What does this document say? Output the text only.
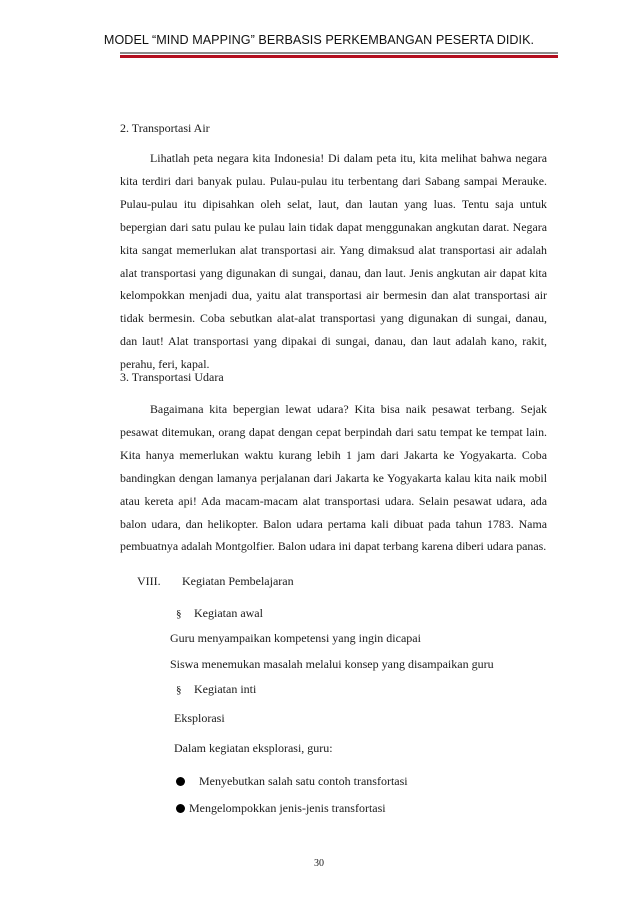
MODEL “MIND MAPPING” BERBASIS PERKEMBANGAN PESERTA DIDIK.
2. Transportasi Air

Lihatlah peta negara kita Indonesia! Di dalam peta itu, kita melihat bahwa negara kita terdiri dari banyak pulau. Pulau-pulau itu terbentang dari Sabang sampai Merauke. Pulau-pulau itu dipisahkan oleh selat, laut, dan lautan yang luas. Tentu saja untuk bepergian dari satu pulau ke pulau lain tidak dapat menggunakan angkutan darat. Negara kita sangat memerlukan alat transportasi air. Yang dimaksud alat transportasi air adalah alat transportasi yang digunakan di sungai, danau, dan laut. Jenis angkutan air dapat kita kelompokkan menjadi dua, yaitu alat transportasi air bermesin dan alat transportasi air tidak bermesin. Coba sebutkan alat-alat transportasi yang digunakan di sungai, danau, dan laut! Alat transportasi yang dipakai di sungai, danau, dan laut adalah kano, rakit, perahu, feri, kapal.

3. Transportasi Udara

Bagaimana kita bepergian lewat udara? Kita bisa naik pesawat terbang. Sejak pesawat ditemukan, orang dapat dengan cepat berpindah dari satu tempat ke tempat lain. Kita hanya memerlukan waktu kurang lebih 1 jam dari Jakarta ke Yogyakarta. Coba bandingkan dengan lamanya perjalanan dari Jakarta ke Yogyakarta kalau kita naik mobil atau kereta api! Ada macam-macam alat transportasi udara. Selain pesawat udara, ada balon udara, dan helikopter. Balon udara pertama kali dibuat pada tahun 1783. Nama pembuatnya adalah Montgolfier. Balon udara ini dapat terbang karena diberi udara panas.

VIII. Kegiatan Pembelajaran
§ Kegiatan awal
Guru menyampaikan kompetensi yang ingin dicapai
Siswa menemukan masalah melalui konsep yang disampaikan guru
§ Kegiatan inti
Eksplorasi
Dalam kegiatan eksplorasi, guru:
Menyebutkan salah satu contoh transfortasi
Mengelompokkan jenis-jenis transfortasi
30
